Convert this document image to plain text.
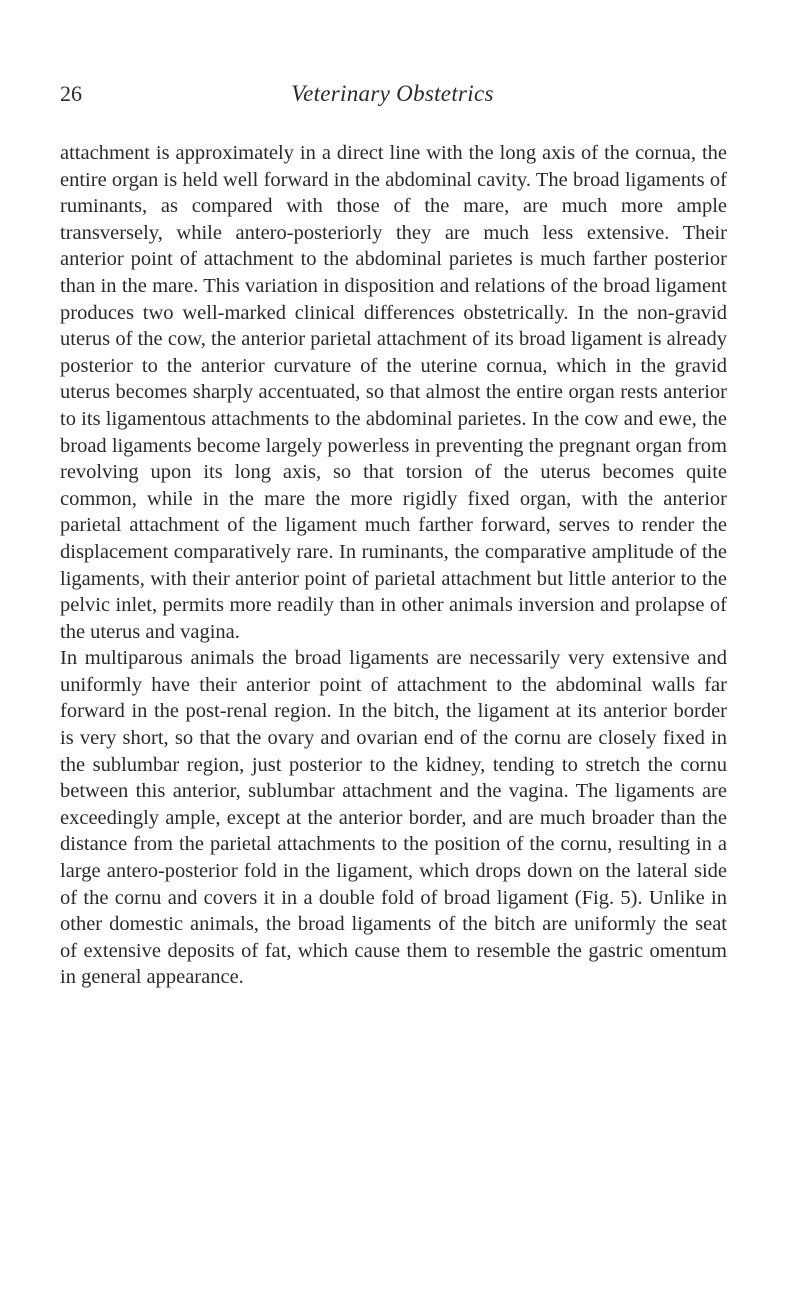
26	Veterinary Obstetrics

attachment is approximately in a direct line with the long axis of the cornua, the entire organ is held well forward in the abdominal cavity. The broad ligaments of ruminants, as compared with those of the mare, are much more ample transversely, while antero-posteriorly they are much less extensive. Their anterior point of attachment to the abdominal parietes is much farther posterior than in the mare. This variation in disposition and relations of the broad ligament produces two well-marked clinical differences obstetrically. In the non-gravid uterus of the cow, the anterior parietal attachment of its broad ligament is already posterior to the anterior curvature of the uterine cornua, which in the gravid uterus becomes sharply accentuated, so that almost the entire organ rests anterior to its ligamentous attachments to the abdominal parietes. In the cow and ewe, the broad ligaments become largely powerless in preventing the pregnant organ from revolving upon its long axis, so that torsion of the uterus becomes quite common, while in the mare the more rigidly fixed organ, with the anterior parietal attachment of the ligament much farther forward, serves to render the displacement comparatively rare. In ruminants, the comparative amplitude of the ligaments, with their anterior point of parietal attachment but little anterior to the pelvic inlet, permits more readily than in other animals inversion and prolapse of the uterus and vagina.

In multiparous animals the broad ligaments are necessarily very extensive and uniformly have their anterior point of attachment to the abdominal walls far forward in the post-renal region. In the bitch, the ligament at its anterior border is very short, so that the ovary and ovarian end of the cornu are closely fixed in the sublumbar region, just posterior to the kidney, tending to stretch the cornu between this anterior, sublumbar attachment and the vagina. The ligaments are exceedingly ample, except at the anterior border, and are much broader than the distance from the parietal attachments to the position of the cornu, resulting in a large antero-posterior fold in the ligament, which drops down on the lateral side of the cornu and covers it in a double fold of broad ligament (Fig. 5). Unlike in other domestic animals, the broad ligaments of the bitch are uniformly the seat of extensive deposits of fat, which cause them to resemble the gastric omentum in general appearance.
